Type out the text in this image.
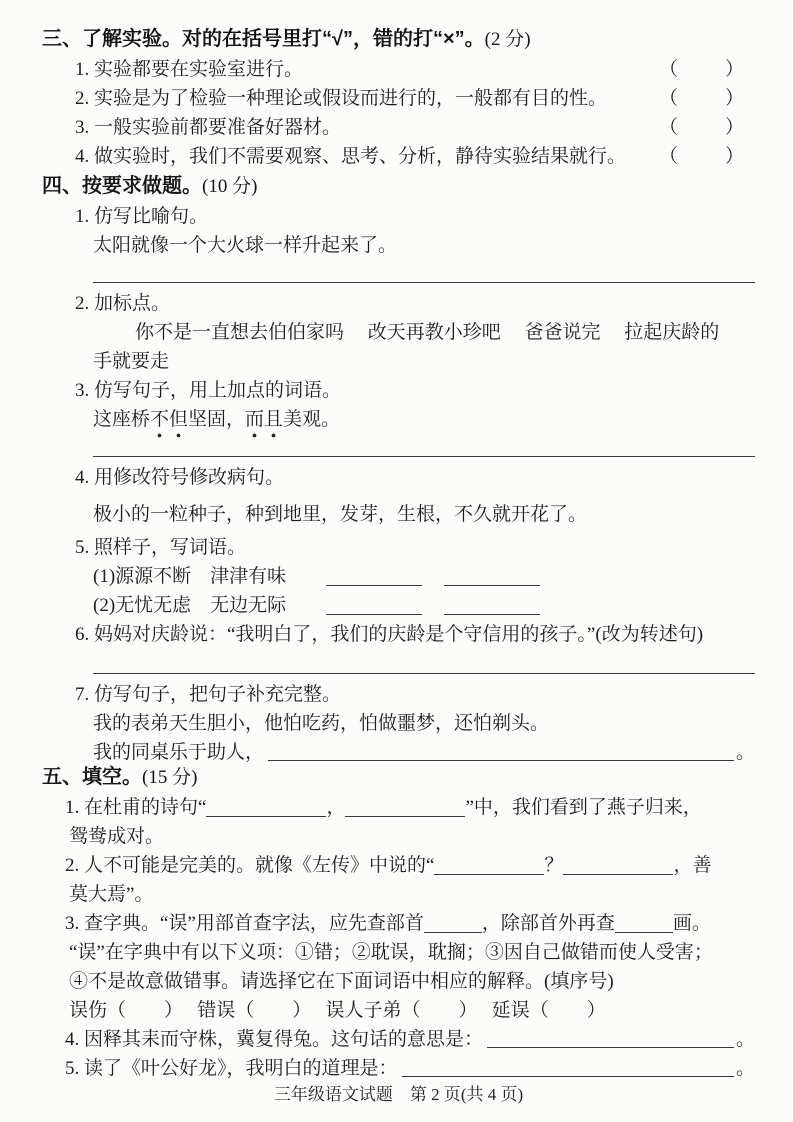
三、了解实验。对的在括号里打“√”，错的打“×”。(2 分)
1. 实验都要在实验室进行。	（　　）
2. 实验是为了检验一种理论或假设而进行的，一般都有目的性。	（　　）
3. 一般实验前都要准备好器材。	（　　）
4. 做实验时，我们不需要观察、思考、分析，静待实验结果就行。 （　　）
四、按要求做题。(10 分)
1. 仿写比喻句。
太阳就像一个大火球一样升起来了。
2. 加标点。
你不是一直想去伯伯家吗　 改天再教小珍吧　 爸爸说完　 拉起庆龄的
手就要走
3. 仿写句子，用上加点的词语。
这座桥不但坚固，而且美观。
4. 用修改符号修改病句。
极小的一粒种子，种到地里，发芽，生根，不久就开花了。
5. 照样子，写词语。
(1)源源不断　津津有味
(2)无忧无虑　无边无际
6. 妈妈对庆龄说：“我明白了，我们的庆龄是个守信用的孩子。”(改为转述句)
7. 仿写句子，把句子补充完整。
我的表弟天生胆小，他怕吃药，怕做噩梦，还怕剃头。
我的同桌乐于助人，	。
五、填空。(15 分)
1. 在杜甫的诗句“	，	”中，我们看到了燕子归来，
鸳鸯成对。
2. 人不可能是完美的。就像《左传》中说的“	？	，善
莫大焉”。
3. 查字典。“误”用部首查字法，应先查部首	，除部首外再查	画。
“误”在字典中有以下义项：①错；②耽误，耽搁；③因自己做错而使人受害；
④不是故意做错事。请选择它在下面词语中相应的解释。(填序号)
误伤（　　）　 错误（　　）　 误人子弟（　　）　 延误（　　）
4. 因释其耒而守株，冀复得兔。这句话的意思是：	。
5. 读了《叶公好龙》，我明白的道理是：	。
三年级语文试题　第 2 页(共 4 页)
